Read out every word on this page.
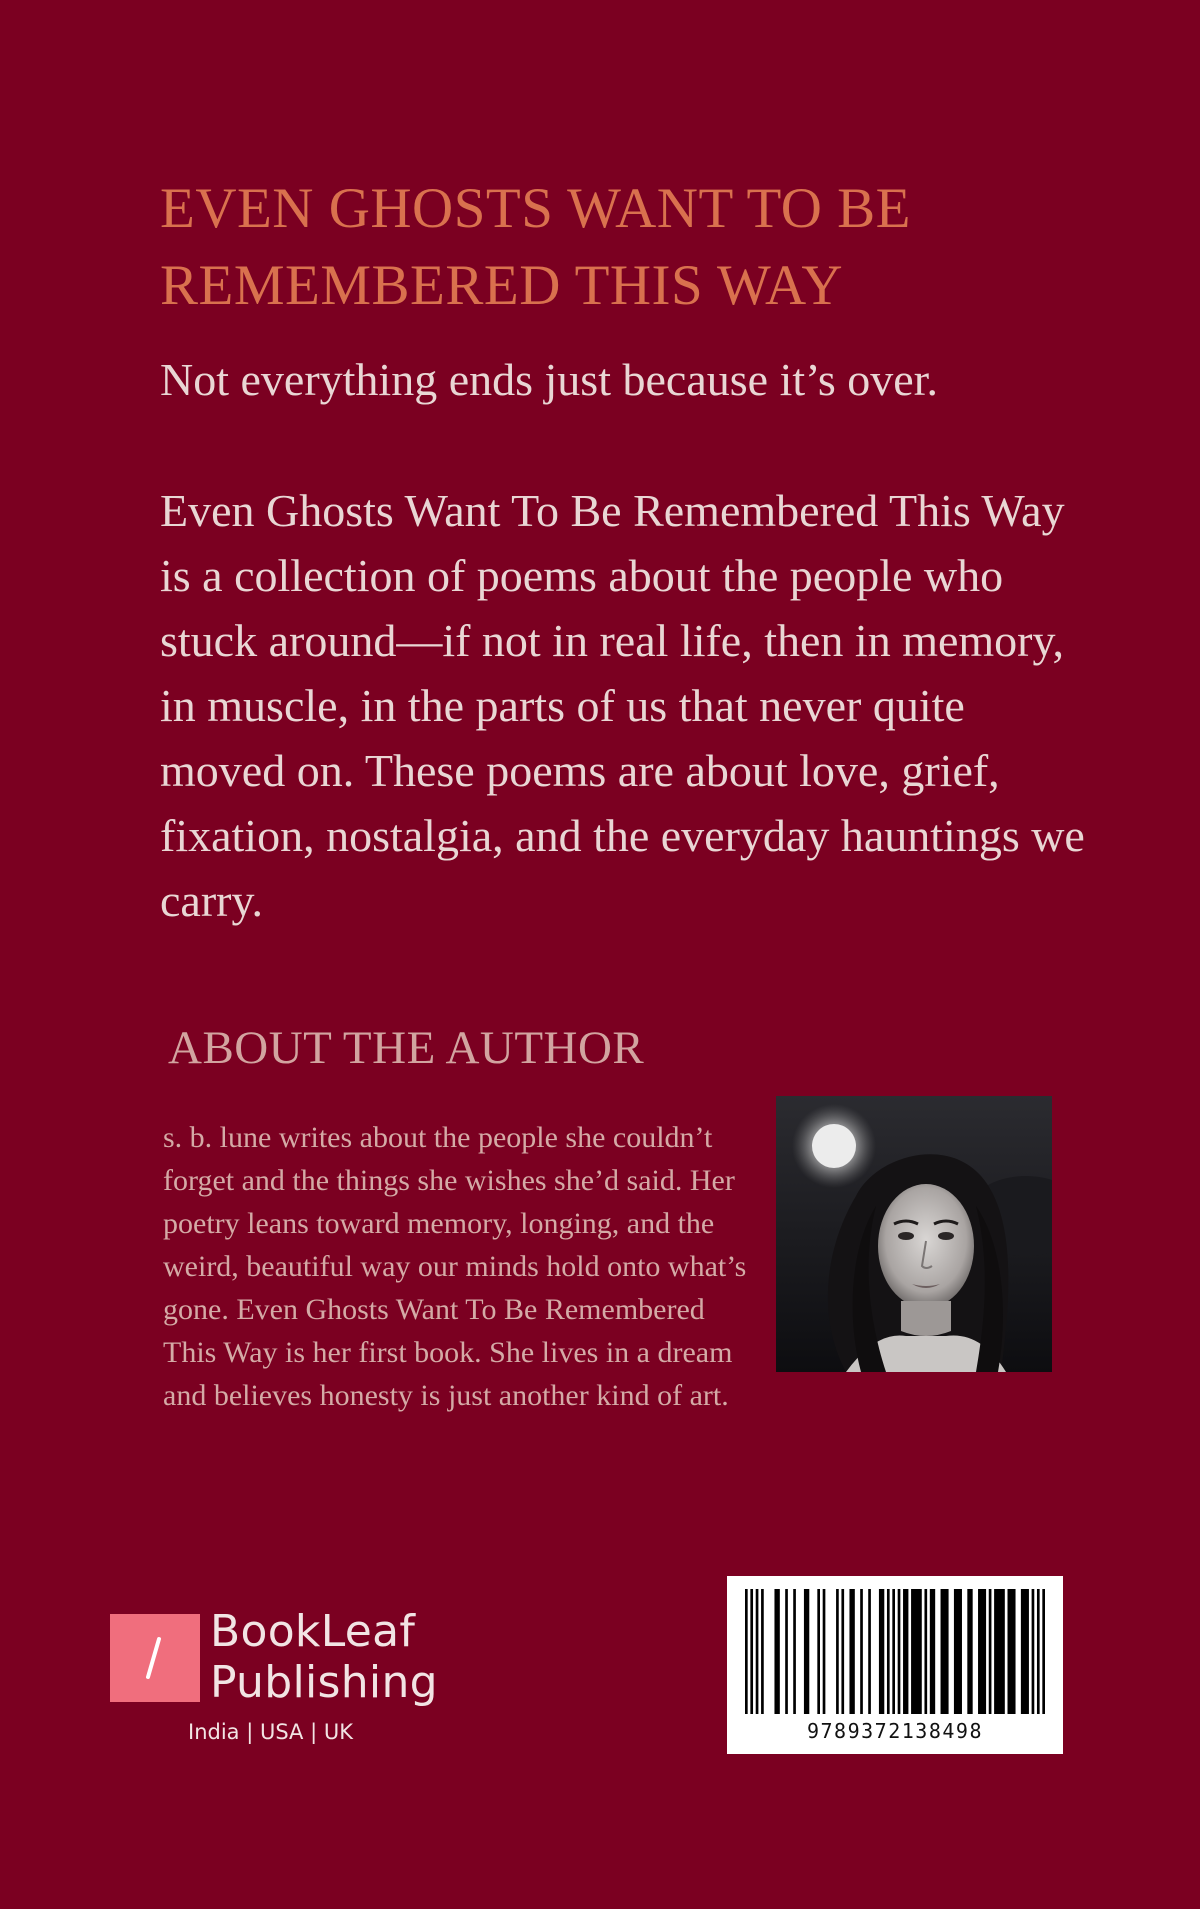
EVEN GHOSTS WANT TO BE
REMEMBERED THIS WAY

Not everything ends just because it’s over.

Even Ghosts Want To Be Remembered This Way is a collection of poems about the people who stuck around—if not in real life, then in memory, in muscle, in the parts of us that never quite moved on. These poems are about love, grief, fixation, nostalgia, and the everyday hauntings we carry.

ABOUT THE AUTHOR

s. b. lune writes about the people she couldn’t forget and the things she wishes she’d said. Her poetry leans toward memory, longing, and the weird, beautiful way our minds hold onto what’s gone. Even Ghosts Want To Be Remembered This Way is her first book. She lives in a dream and believes honesty is just another kind of art.

BookLeaf
Publishing
India | USA | UK	9789372138498
